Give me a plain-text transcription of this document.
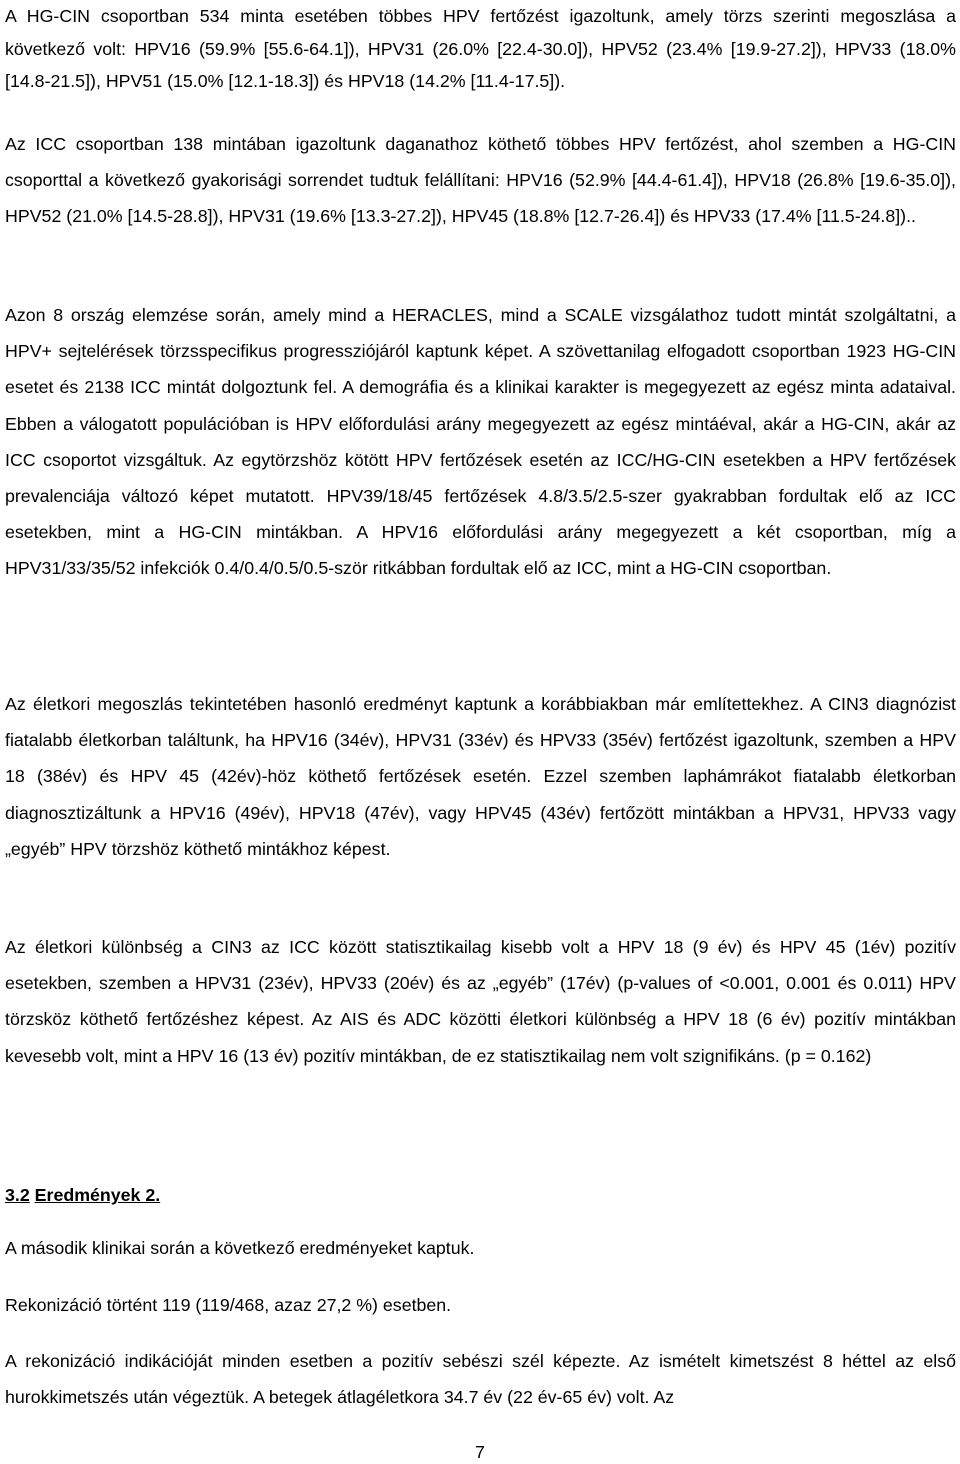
A HG-CIN csoportban 534 minta esetében többes HPV fertőzést igazoltunk, amely törzs szerinti megoszlása a következő volt: HPV16 (59.9% [55.6-64.1]), HPV31 (26.0% [22.4-30.0]), HPV52 (23.4% [19.9-27.2]), HPV33 (18.0% [14.8-21.5]), HPV51 (15.0% [12.1-18.3]) és HPV18 (14.2% [11.4-17.5]).

Az ICC csoportban 138 mintában igazoltunk daganathoz köthető többes HPV fertőzést, ahol szemben a HG-CIN csoporttal a következő gyakorisági sorrendet tudtuk felállítani: HPV16 (52.9% [44.4-61.4]), HPV18 (26.8% [19.6-35.0]), HPV52 (21.0% [14.5-28.8]), HPV31 (19.6% [13.3-27.2]), HPV45 (18.8% [12.7-26.4]) és HPV33 (17.4% [11.5-24.8])..

Azon 8 ország elemzése során, amely mind a HERACLES, mind a SCALE vizsgálathoz tudott mintát szolgáltatni, a HPV+ sejtelérések törzsspecifikus progressziójáról kaptunk képet. A szövettanilag elfogadott csoportban 1923 HG-CIN esetet és 2138 ICC mintát dolgoztunk fel. A demográfia és a klinikai karakter is megegyezett az egész minta adataival. Ebben a válogatott populációban is HPV előfordulási arány megegyezett az egész mintáéval, akár a HG-CIN, akár az ICC csoportot vizsgáltuk. Az egytörzshöz kötött HPV fertőzések esetén az ICC/HG-CIN esetekben a HPV fertőzések prevalenciája változó képet mutatott. HPV39/18/45 fertőzések 4.8/3.5/2.5-szer gyakrabban fordultak elő az ICC esetekben, mint a HG-CIN mintákban. A HPV16 előfordulási arány megegyezett a két csoportban, míg a HPV31/33/35/52 infekciók 0.4/0.4/0.5/0.5-ször ritkábban fordultak elő az ICC, mint a HG-CIN csoportban.

Az életkori megoszlás tekintetében hasonló eredményt kaptunk a korábbiakban már említettekhez. A CIN3 diagnózist fiatalabb életkorban találtunk, ha HPV16 (34év), HPV31 (33év) és HPV33 (35év) fertőzést igazoltunk, szemben a HPV 18 (38év) és HPV 45 (42év)-höz köthető fertőzések esetén. Ezzel szemben laphámrákot fiatalabb életkorban diagnosztizáltunk a HPV16 (49év), HPV18 (47év), vagy HPV45 (43év) fertőzött mintákban a HPV31, HPV33 vagy „egyéb” HPV törzshöz köthető mintákhoz képest.

Az életkori különbség a CIN3 az ICC között statisztikailag kisebb volt a HPV 18 (9 év) és HPV 45 (1év) pozitív esetekben, szemben a HPV31 (23év), HPV33 (20év) és az „egyéb” (17év) (p-values of <0.001, 0.001 és 0.011) HPV törzsköz köthető fertőzéshez képest. Az AIS és ADC közötti életkori különbség a HPV 18 (6 év) pozitív mintákban kevesebb volt, mint a HPV 16 (13 év) pozitív mintákban, de ez statisztikailag nem volt szignifikáns. (p = 0.162)

3.2 Eredmények 2.

A második klinikai során a következő eredményeket kaptuk.

Rekonizáció történt 119 (119/468, azaz 27,2 %) esetben.

A rekonizáció indikációját minden esetben a pozitív sebészi szél képezte. Az ismételt kimetszést 8 héttel az első hurokkimetszés után végeztük. A betegek átlagéletkora 34.7 év (22 év-65 év) volt. Az

7
